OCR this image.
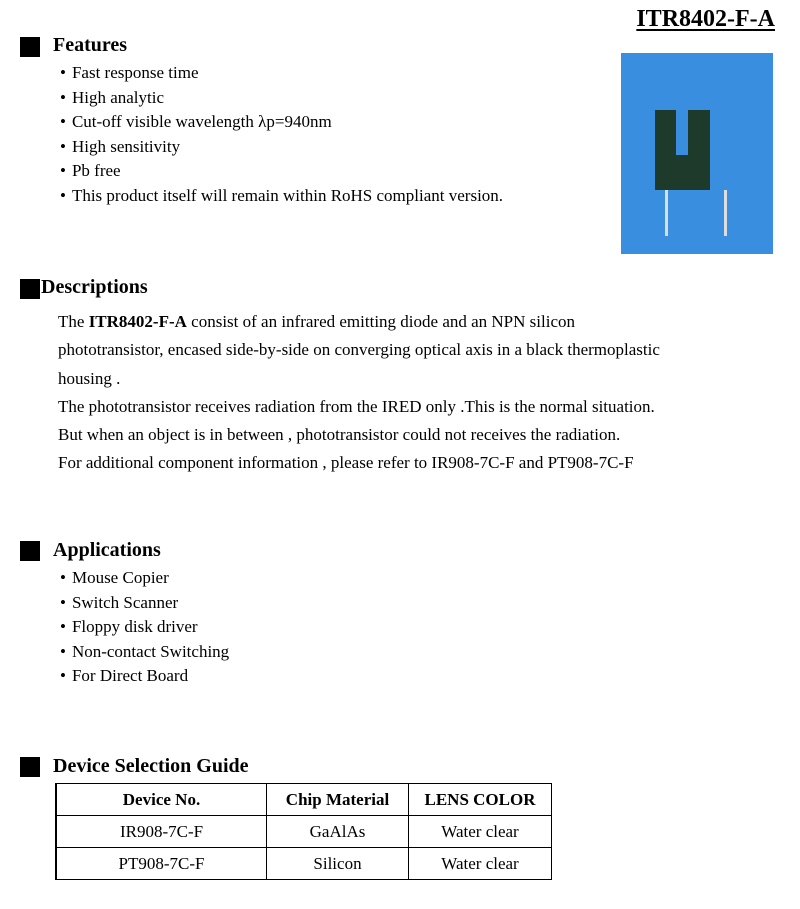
ITR8402-F-A
Features
• Fast response time
• High analytic
• Cut-off visible wavelength λp=940nm
• High sensitivity
• Pb free
• This product itself will remain within RoHS compliant version.
Descriptions

The ITR8402-F-A consist of an infrared emitting diode and an NPN silicon

phototransistor, encased side-by-side on converging optical axis in a black thermoplastic

housing .

The phototransistor receives radiation from the IRED only .This is the normal situation.

But when an object is in between , phototransistor could not receives the radiation.

For additional component information , please refer to IR908-7C-F and PT908-7C-F

Applications
• Mouse Copier
• Switch Scanner
• Floppy disk driver
• Non-contact Switching
• For Direct Board
Device Selection Guide
Device No.	Chip Material	LENS COLOR
IR908-7C-F	GaAlAs	Water clear
PT908-7C-F	Silicon	Water clear
